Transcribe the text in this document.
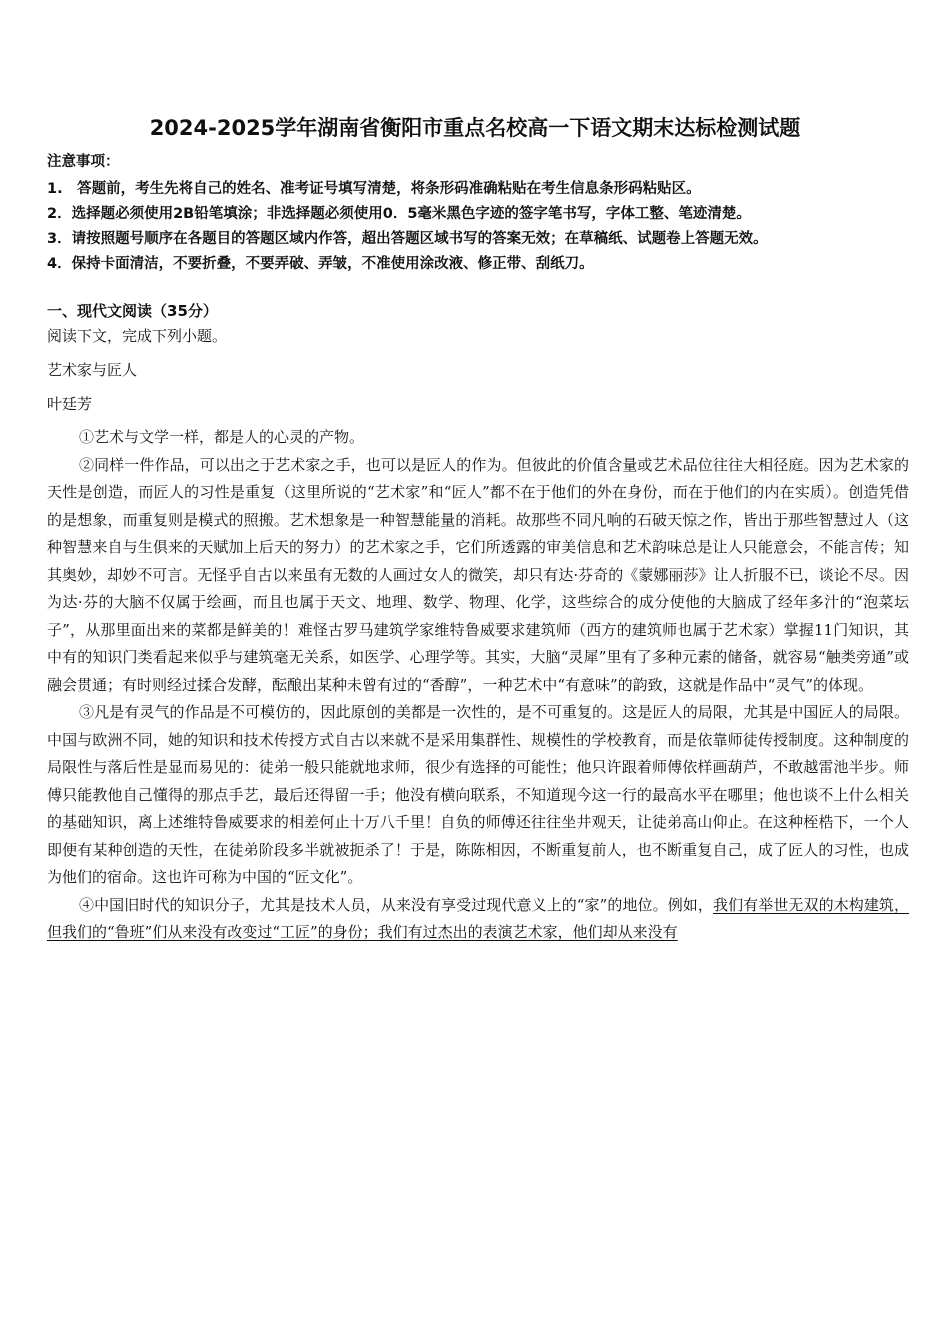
2024-2025学年湖南省衡阳市重点名校高一下语文期末达标检测试题
注意事项：
1.　答题前，考生先将自己的姓名、准考证号填写清楚，将条形码准确粘贴在考生信息条形码粘贴区。
2．选择题必须使用2B铅笔填涂；非选择题必须使用0．5毫米黑色字迹的签字笔书写，字体工整、笔迹清楚。
3．请按照题号顺序在各题目的答题区域内作答，超出答题区域书写的答案无效；在草稿纸、试题卷上答题无效。
4．保持卡面清洁，不要折叠，不要弄破、弄皱，不准使用涂改液、修正带、刮纸刀。
一、现代文阅读（35分）
阅读下文，完成下列小题。
艺术家与匠人
叶廷芳

①艺术与文学一样，都是人的心灵的产物。

②同样一件作品，可以出之于艺术家之手，也可以是匠人的作为。但彼此的价值含量或艺术品位往往大相径庭。因为艺术家的天性是创造，而匠人的习性是重复（这里所说的“艺术家”和“匠人”都不在于他们的外在身份，而在于他们的内在实质）。创造凭借的是想象，而重复则是模式的照搬。艺术想象是一种智慧能量的消耗。故那些不同凡响的石破天惊之作，皆出于那些智慧过人（这种智慧来自与生俱来的天赋加上后天的努力）的艺术家之手，它们所透露的审美信息和艺术韵味总是让人只能意会，不能言传；知其奥妙，却妙不可言。无怪乎自古以来虽有无数的人画过女人的微笑，却只有达·芬奇的《蒙娜丽莎》让人折服不已，谈论不尽。因为达·芬的大脑不仅属于绘画，而且也属于天文、地理、数学、物理、化学，这些综合的成分使他的大脑成了经年多汁的“泡菜坛子”，从那里面出来的菜都是鲜美的！难怪古罗马建筑学家维特鲁威要求建筑师（西方的建筑师也属于艺术家）掌握11门知识，其中有的知识门类看起来似乎与建筑毫无关系，如医学、心理学等。其实，大脑“灵犀”里有了多种元素的储备，就容易“触类旁通”或融会贯通；有时则经过揉合发酵，酝酿出某种未曾有过的“香醇”，一种艺术中“有意味”的韵致，这就是作品中“灵气”的体现。

③凡是有灵气的作品是不可模仿的，因此原创的美都是一次性的，是不可重复的。这是匠人的局限，尤其是中国匠人的局限。中国与欧洲不同，她的知识和技术传授方式自古以来就不是采用集群性、规模性的学校教育，而是依靠师徒传授制度。这种制度的局限性与落后性是显而易见的：徒弟一般只能就地求师，很少有选择的可能性；他只许跟着师傅依样画葫芦，不敢越雷池半步。师傅只能教他自己懂得的那点手艺，最后还得留一手；他没有横向联系，不知道现今这一行的最高水平在哪里；他也谈不上什么相关的基础知识，离上述维特鲁威要求的相差何止十万八千里！自负的师傅还往往坐井观天，让徒弟高山仰止。在这种桎梏下，一个人即便有某种创造的天性，在徒弟阶段多半就被扼杀了！于是，陈陈相因，不断重复前人，也不断重复自己，成了匠人的习性，也成为他们的宿命。这也许可称为中国的“匠文化”。

④中国旧时代的知识分子，尤其是技术人员，从来没有享受过现代意义上的“家”的地位。例如，我们有举世无双的木构建筑，但我们的“鲁班”们从来没有改变过“工匠”的身份；我们有过杰出的表演艺术家，他们却从来没有
